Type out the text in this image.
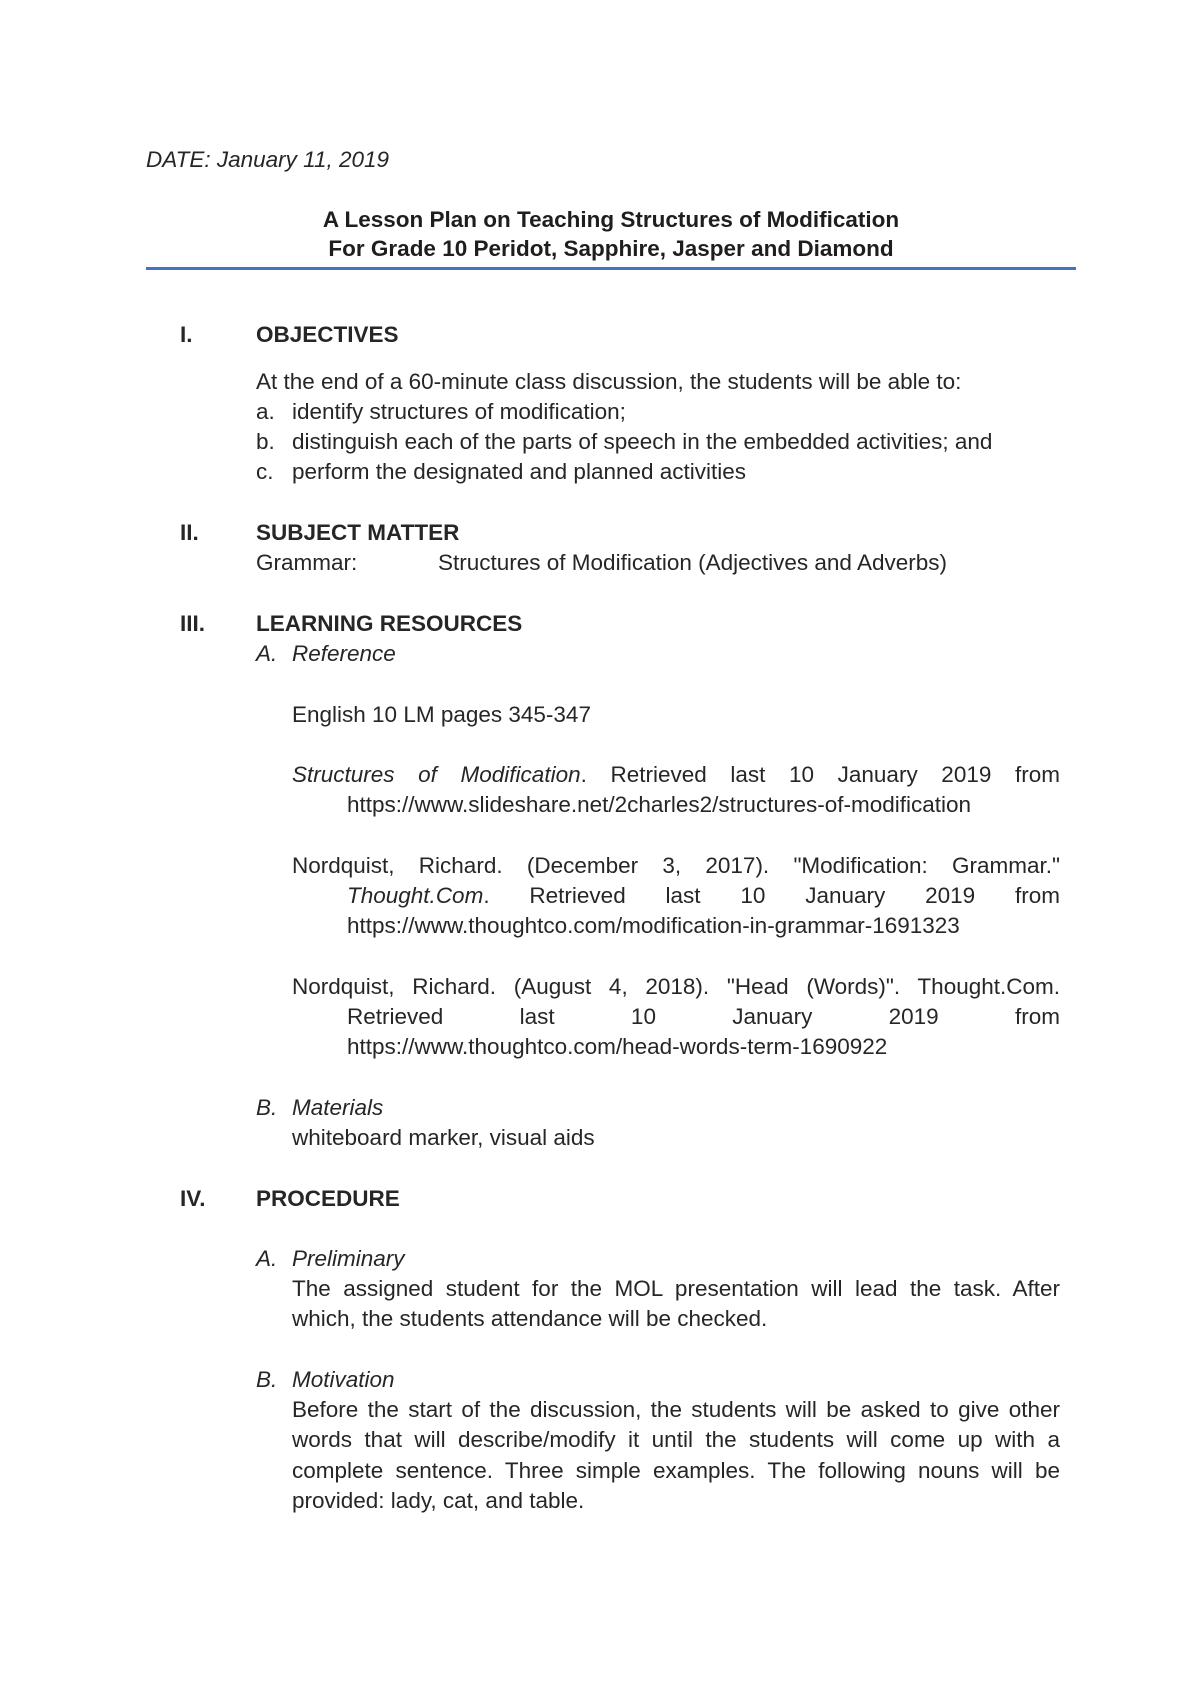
DATE: January 11, 2019
A Lesson Plan on Teaching Structures of Modification
For Grade 10 Peridot, Sapphire, Jasper and Diamond
I.	OBJECTIVES
At the end of a 60-minute class discussion, the students will be able to:
a. identify structures of modification;
b. distinguish each of the parts of speech in the embedded activities; and
c. perform the designated and planned activities
II.	SUBJECT MATTER
Grammar:	Structures of Modification (Adjectives and Adverbs)
III. LEARNING RESOURCES
A. Reference
English 10 LM pages 345-347
Structures of Modification. Retrieved last 10 January 2019 from
https://www.slideshare.net/2charles2/structures-of-modification
Nordquist, Richard. (December 3, 2017). "Modification: Grammar."
Thought.Com. Retrieved last 10 January 2019 from
https://www.thoughtco.com/modification-in-grammar-1691323
Nordquist, Richard. (August 4, 2018). "Head (Words)". Thought.Com.
Retrieved last 10 January 2019 from
https://www.thoughtco.com/head-words-term-1690922
B. Materials
whiteboard marker, visual aids
IV. PROCEDURE
A. Preliminary
The assigned student for the MOL presentation will lead the task. After which, the students attendance will be checked.
B. Motivation
Before the start of the discussion, the students will be asked to give other words that will describe/modify it until the students will come up with a complete sentence. Three simple examples. The following nouns will be provided: lady, cat, and table.
